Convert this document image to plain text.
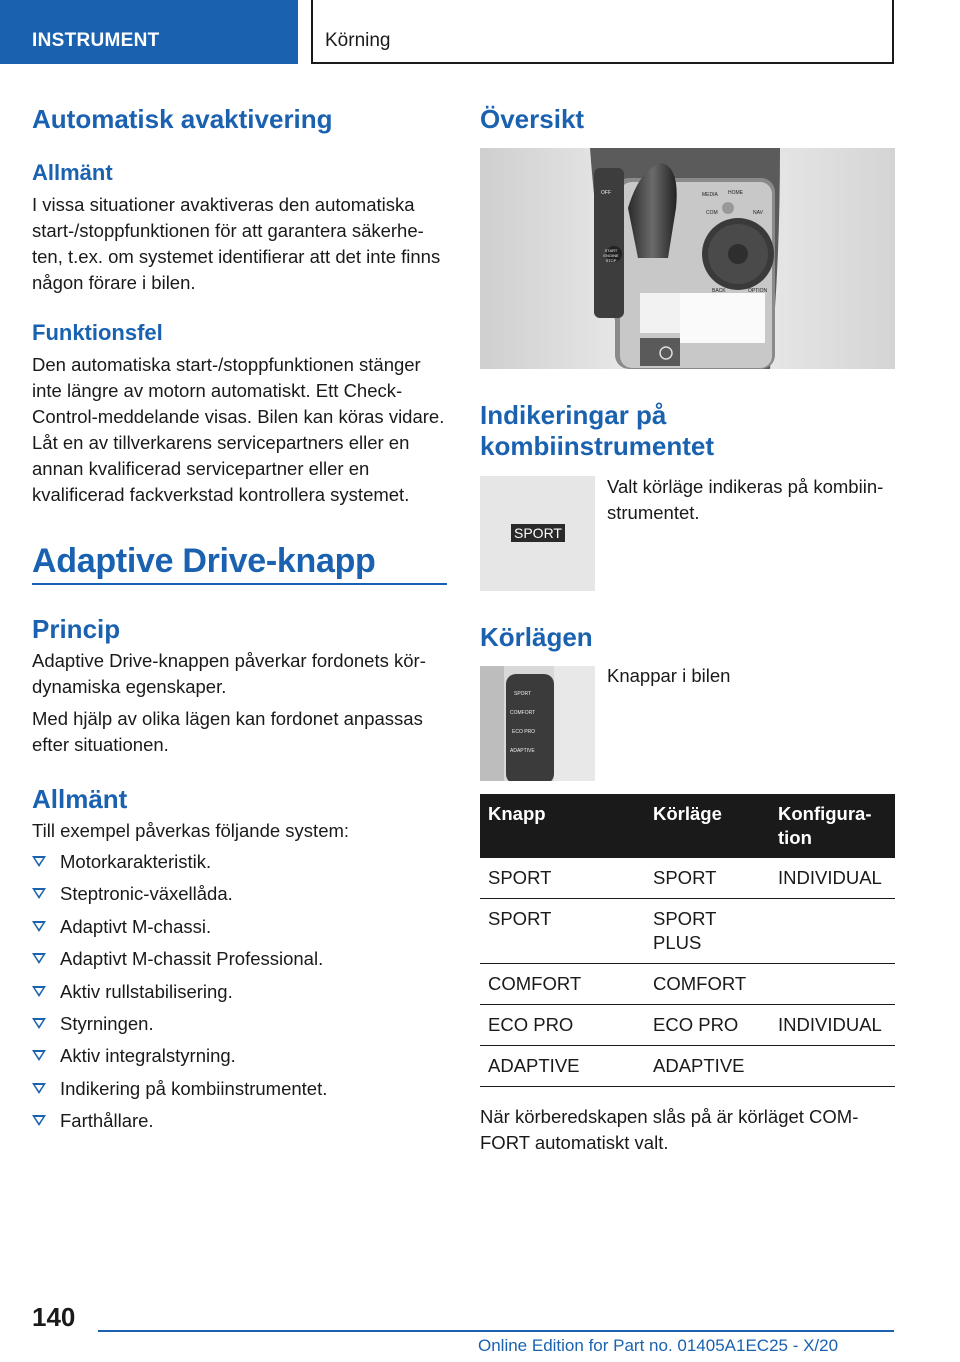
INSTRUMENT	Körning
Automatisk avaktivering
Allmänt

I vissa situationer avaktiveras den automatiska start-/stoppfunktionen för att garantera säkerheten, t.ex. om systemet identifierar att det inte finns någon förare i bilen.

Funktionsfel

Den automatiska start-/stoppfunktionen stänger inte längre av motorn automatiskt. Ett Check-Control-meddelande visas. Bilen kan köras vidare. Låt en av tillverkarens servicepartners eller en annan kvalificerad servicepartner eller en kvalificerad fackverkstad kontrollera systemet.

Adaptive Drive-knapp
Princip

Adaptive Drive-knappen påverkar fordonets kördynamiska egenskaper.

Med hjälp av olika lägen kan fordonet anpassas efter situationen.

Allmänt

Till exempel påverkas följande system:

Motorkarakteristik.
Steptronic-växellåda.
Adaptivt M-chassi.
Adaptivt M-chassit Professional.
Aktiv rullstabilisering.
Styrningen.
Aktiv integralstyrning.
Indikering på kombiinstrumentet.
Farthållare.
Översikt
MEDIA HOME
COM	NAV
BACK	OPTION
START ENGINE STOP
OFF
Indikeringar på kombiinstrumentet
SPORT

Valt körläge indikeras på kombiinstrumentet.

Körlägen
SPORT
COMFORT
ECO PRO
ADAPTIVE

Knappar i bilen

Knapp	Körläge	Konfiguration
SPORT	SPORT	INDIVIDUAL
SPORT	SPORT PLUS	
COMFORT	COMFORT	
ECO PRO	ECO PRO	INDIVIDUAL
ADAPTIVE	ADAPTIVE	

När körberedskapen slås på är körläget COMFORT automatiskt valt.

140
Online Edition for Part no. 01405A1EC25 - X/20
